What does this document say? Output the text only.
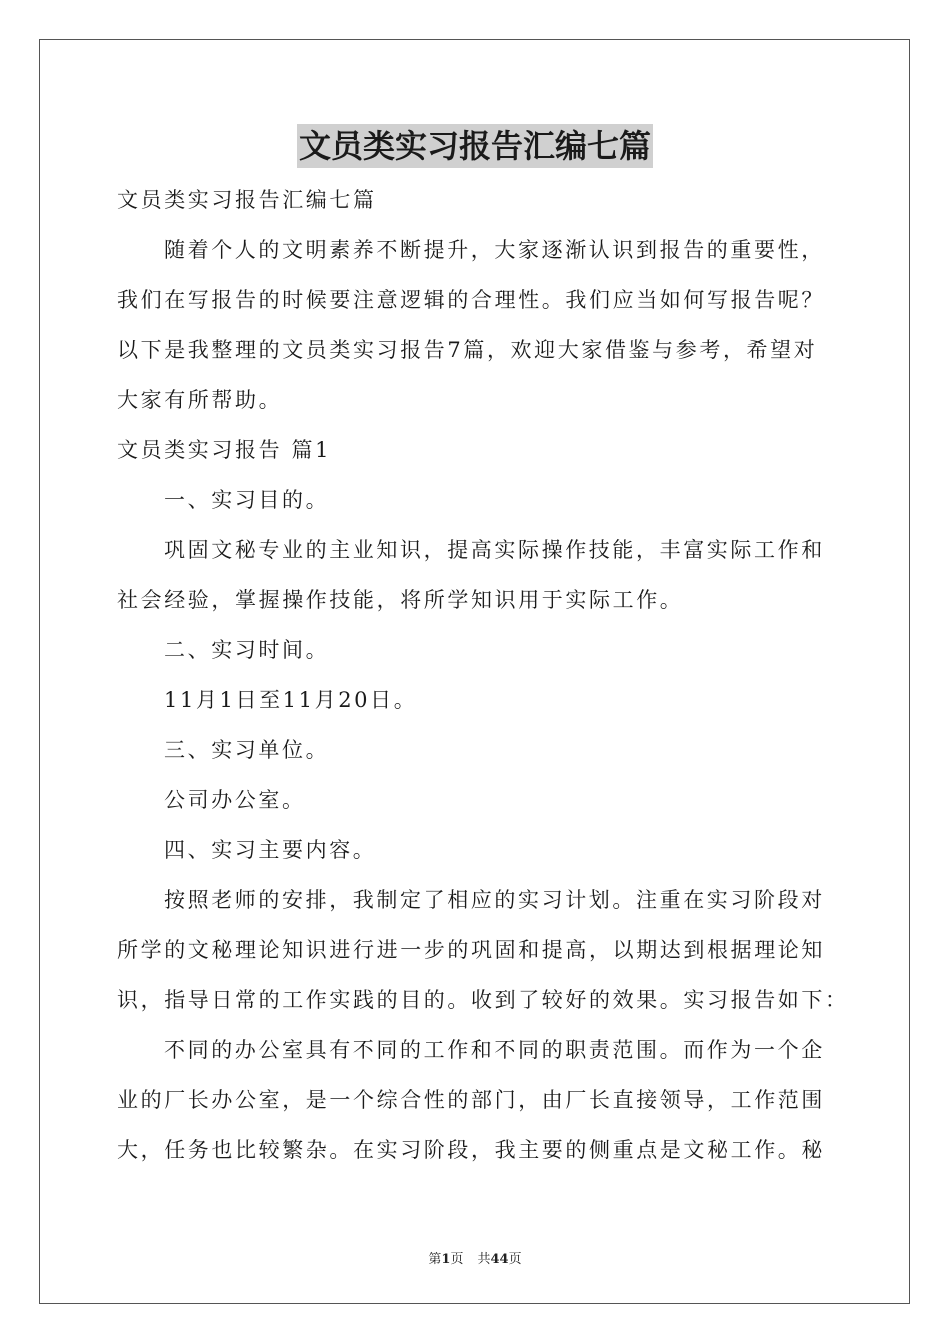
文员类实习报告汇编七篇
文员类实习报告汇编七篇
随着个人的文明素养不断提升，大家逐渐认识到报告的重要性，
我们在写报告的时候要注意逻辑的合理性。我们应当如何写报告呢？
以下是我整理的文员类实习报告7篇，欢迎大家借鉴与参考，希望对
大家有所帮助。
文员类实习报告 篇1
一、实习目的。
巩固文秘专业的主业知识，提高实际操作技能，丰富实际工作和
社会经验，掌握操作技能，将所学知识用于实际工作。
二、实习时间。
11月1日至11月20日。
三、实习单位。
公司办公室。
四、实习主要内容。
按照老师的安排，我制定了相应的实习计划。注重在实习阶段对
所学的文秘理论知识进行进一步的巩固和提高，以期达到根据理论知
识，指导日常的工作实践的目的。收到了较好的效果。实习报告如下：
不同的办公室具有不同的工作和不同的职责范围。而作为一个企
业的厂长办公室，是一个综合性的部门，由厂长直接领导，工作范围
大，任务也比较繁杂。在实习阶段，我主要的侧重点是文秘工作。秘
第1页 共44页
